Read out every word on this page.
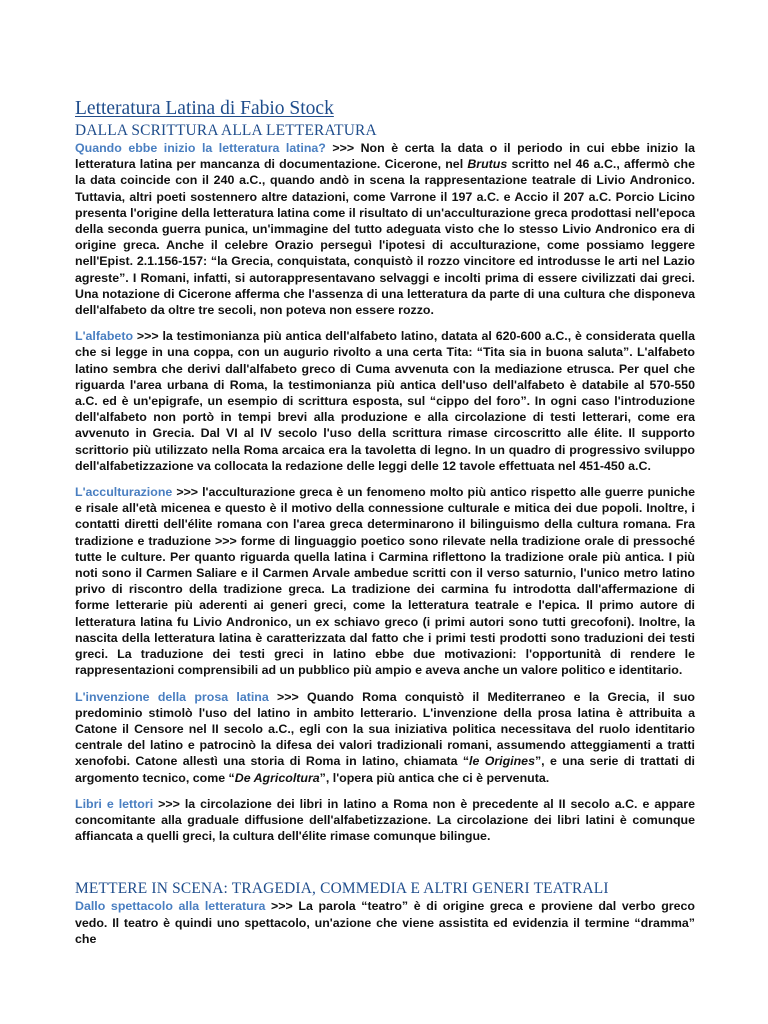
Letteratura Latina di Fabio Stock
DALLA SCRITTURA ALLA LETTERATURA

Quando ebbe inizio la letteratura latina? >>> Non è certa la data o il periodo in cui ebbe inizio la letteratura latina per mancanza di documentazione. Cicerone, nel Brutus scritto nel 46 a.C., affermò che la data coincide con il 240 a.C., quando andò in scena la rappresentazione teatrale di Livio Andronico. Tuttavia, altri poeti sostennero altre datazioni, come Varrone il 197 a.C. e Accio il 207 a.C. Porcio Licino presenta l'origine della letteratura latina come il risultato di un'acculturazione greca prodottasi nell'epoca della seconda guerra punica, un'immagine del tutto adeguata visto che lo stesso Livio Andronico era di origine greca. Anche il celebre Orazio perseguì l'ipotesi di acculturazione, come possiamo leggere nell'Epist. 2.1.156-157: “la Grecia, conquistata, conquistò il rozzo vincitore ed introdusse le arti nel Lazio agreste”. I Romani, infatti, si autorappresentavano selvaggi e incolti prima di essere civilizzati dai greci. Una notazione di Cicerone afferma che l'assenza di una letteratura da parte di una cultura che disponeva dell'alfabeto da oltre tre secoli, non poteva non essere rozzo.

L'alfabeto >>> la testimonianza più antica dell'alfabeto latino, datata al 620-600 a.C., è considerata quella che si legge in una coppa, con un augurio rivolto a una certa Tita: “Tita sia in buona saluta”. L'alfabeto latino sembra che derivi dall'alfabeto greco di Cuma avvenuta con la mediazione etrusca. Per quel che riguarda l'area urbana di Roma, la testimonianza più antica dell'uso dell'alfabeto è databile al 570-550 a.C. ed è un'epigrafe, un esempio di scrittura esposta, sul “cippo del foro”. In ogni caso l'introduzione dell'alfabeto non portò in tempi brevi alla produzione e alla circolazione di testi letterari, come era avvenuto in Grecia. Dal VI al IV secolo l'uso della scrittura rimase circoscritto alle élite. Il supporto scrittorio più utilizzato nella Roma arcaica era la tavoletta di legno. In un quadro di progressivo sviluppo dell'alfabetizzazione va collocata la redazione delle leggi delle 12 tavole effettuata nel 451-450 a.C.

L'acculturazione >>> l'acculturazione greca è un fenomeno molto più antico rispetto alle guerre puniche e risale all'età micenea e questo è il motivo della connessione culturale e mitica dei due popoli. Inoltre, i contatti diretti dell'élite romana con l'area greca determinarono il bilinguismo della cultura romana. Fra tradizione e traduzione >>> forme di linguaggio poetico sono rilevate nella tradizione orale di pressoché tutte le culture. Per quanto riguarda quella latina i Carmina riflettono la tradizione orale più antica. I più noti sono il Carmen Saliare e il Carmen Arvale ambedue scritti con il verso saturnio, l'unico metro latino privo di riscontro della tradizione greca. La tradizione dei carmina fu introdotta dall'affermazione di forme letterarie più aderenti ai generi greci, come la letteratura teatrale e l'epica. Il primo autore di letteratura latina fu Livio Andronico, un ex schiavo greco (i primi autori sono tutti grecofoni). Inoltre, la nascita della letteratura latina è caratterizzata dal fatto che i primi testi prodotti sono traduzioni dei testi greci. La traduzione dei testi greci in latino ebbe due motivazioni: l'opportunità di rendere le rappresentazioni comprensibili ad un pubblico più ampio e aveva anche un valore politico e identitario.

L'invenzione della prosa latina >>> Quando Roma conquistò il Mediterraneo e la Grecia, il suo predominio stimolò l'uso del latino in ambito letterario. L'invenzione della prosa latina è attribuita a Catone il Censore nel II secolo a.C., egli con la sua iniziativa politica necessitava del ruolo identitario centrale del latino e patrocinò la difesa dei valori tradizionali romani, assumendo atteggiamenti a tratti xenofobi. Catone allestì una storia di Roma in latino, chiamata “le Origines”, e una serie di trattati di argomento tecnico, come “De Agricoltura”, l'opera più antica che ci è pervenuta.

Libri e lettori >>> la circolazione dei libri in latino a Roma non è precedente al II secolo a.C. e appare concomitante alla graduale diffusione dell'alfabetizzazione. La circolazione dei libri latini è comunque affiancata a quelli greci, la cultura dell'élite rimase comunque bilingue.

METTERE IN SCENA: TRAGEDIA, COMMEDIA E ALTRI GENERI TEATRALI

Dallo spettacolo alla letteratura >>> La parola “teatro” è di origine greca e proviene dal verbo greco vedo. Il teatro è quindi uno spettacolo, un'azione che viene assistita ed evidenzia il termine “dramma” che
